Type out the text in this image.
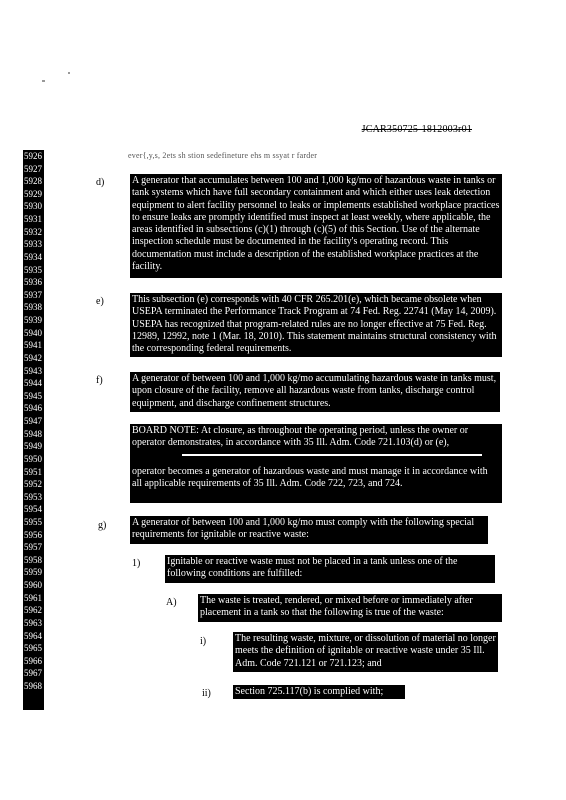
JCAR350725-1812003r01
ever{,y,s, 2ets sh stion sedefineture ehs m ssyat r farder
5926
5927
5928
5929
5930
5931
5932
5933
5934
5935
5936
5937
5938
5939
5940
5941
5942
5943
5944
5945
5946
5947
5948
5949
5950
5951
5952
5953
5954
5955
5956
5957
5958
5959
5960
5961
5962
5963
5964
5965
5966
5967
5968
d)	A generator that accumulates between 100 and 1,000 kg/mo of hazardous waste in tanks or tank systems which have full secondary containment and which either uses leak detection equipment to alert facility personnel to leaks or implements established workplace practices to ensure leaks are promptly identified must inspect at least weekly, where applicable, the areas identified in subsections (c)(1) through (c)(5) of this Section. Use of the alternate inspection schedule must be documented in the facility's operating record. This documentation must include a description of the established workplace practices at the facility.
e)	This subsection (e) corresponds with 40 CFR 265.201(e), which became obsolete when USEPA terminated the Performance Track Program at 74 Fed. Reg. 22741 (May 14, 2009). USEPA has recognized that program-related rules are no longer effective at 75 Fed. Reg. 12989, 12992, note 1 (Mar. 18, 2010). This statement maintains structural consistency with the corresponding federal requirements.
f)	A generator of between 100 and 1,000 kg/mo accumulating hazardous waste in tanks must, upon closure of the facility, remove all hazardous waste from tanks, discharge control equipment, and discharge confinement structures.
BOARD NOTE: At closure, as throughout the operating period, unless the owner or operator demonstrates, in accordance with 35 Ill. Adm. Code 721.103(d) or (e),
operator becomes a generator of hazardous waste and must manage it in accordance with all applicable requirements of 35 Ill. Adm. Code 722, 723, and 724.
g)	A generator of between 100 and 1,000 kg/mo must comply with the following special requirements for ignitable or reactive waste:
1)	Ignitable or reactive waste must not be placed in a tank unless one of the following conditions are fulfilled:
A) The waste is treated, rendered, or mixed before or immediately after placement in a tank so that the following is true of the waste:
i)	The resulting waste, mixture, or dissolution of material no longer meets the definition of ignitable or reactive waste under 35 Ill. Adm. Code 721.121 or 721.123; and
ii) Section 725.117(b) is complied with;
